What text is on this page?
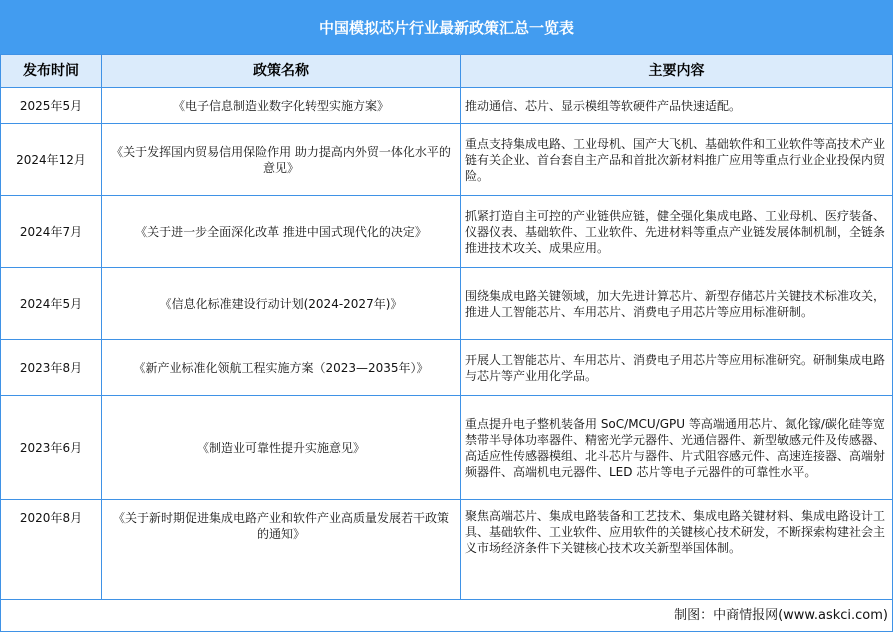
中国模拟芯片行业最新政策汇总一览表
发布时间	政策名称	主要内容
2025年5月	《电子信息制造业数字化转型实施方案》	推动通信、芯片、显示模组等软硬件产品快速适配。
2024年12月	《关于发挥国内贸易信用保险作用 助力提高内外贸一体化水平的意见》	重点支持集成电路、工业母机、国产大飞机、基础软件和工业软件等高技术产业链有关企业、首台套自主产品和首批次新材料推广应用等重点行业企业投保内贸险。
2024年7月	《关于进一步全面深化改革 推进中国式现代化的决定》	抓紧打造自主可控的产业链供应链，健全强化集成电路、工业母机、医疗装备、仪器仪表、基础软件、工业软件、先进材料等重点产业链发展体制机制，全链条推进技术攻关、成果应用。
2024年5月	《信息化标准建设行动计划(2024-2027年)》	围绕集成电路关键领域，加大先进计算芯片、新型存储芯片关键技术标准攻关，推进人工智能芯片、车用芯片、消费电子用芯片等应用标准研制。
2023年8月	《新产业标准化领航工程实施方案（2023—2035年）》	开展人工智能芯片、车用芯片、消费电子用芯片等应用标准研究。研制集成电路与芯片等产业用化学品。
2023年6月	《制造业可靠性提升实施意见》	重点提升电子整机装备用 SoC/MCU/GPU 等高端通用芯片、氮化镓/碳化硅等宽禁带半导体功率器件、精密光学元器件、光通信器件、新型敏感元件及传感器、高适应性传感器模组、北斗芯片与器件、片式阻容感元件、高速连接器、高端射频器件、高端机电元器件、LED 芯片等电子元器件的可靠性水平。
2020年8月	《关于新时期促进集成电路产业和软件产业高质量发展若干政策的通知》	聚焦高端芯片、集成电路装备和工艺技术、集成电路关键材料、集成电路设计工具、基础软件、工业软件、应用软件的关键核心技术研发，不断探索构建社会主义市场经济条件下关键核心技术攻关新型举国体制。
制图：中商情报网(www.askci.com)		
